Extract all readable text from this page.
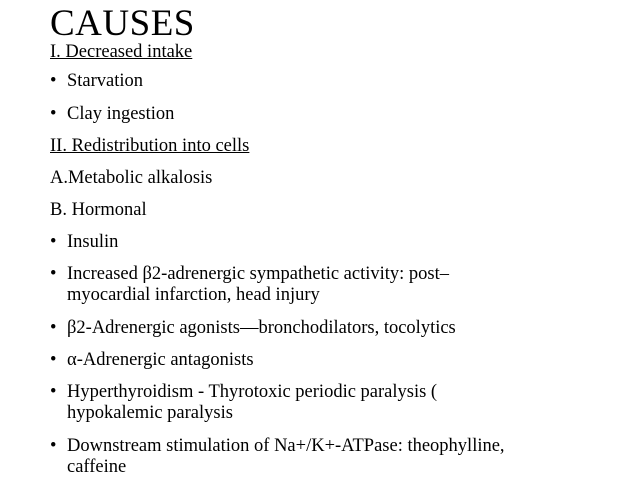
CAUSES
I. Decreased intake
• Starvation
• Clay ingestion
II. Redistribution into cells
A.Metabolic alkalosis
B. Hormonal
• Insulin
• Increased β2-adrenergic sympathetic activity: post–
myocardial infarction, head injury
• β2-Adrenergic agonists—bronchodilators, tocolytics
• α-Adrenergic antagonists
• Hyperthyroidism - Thyrotoxic periodic paralysis (
hypokalemic paralysis
• Downstream stimulation of Na+/K+-ATPase: theophylline,
caffeine
